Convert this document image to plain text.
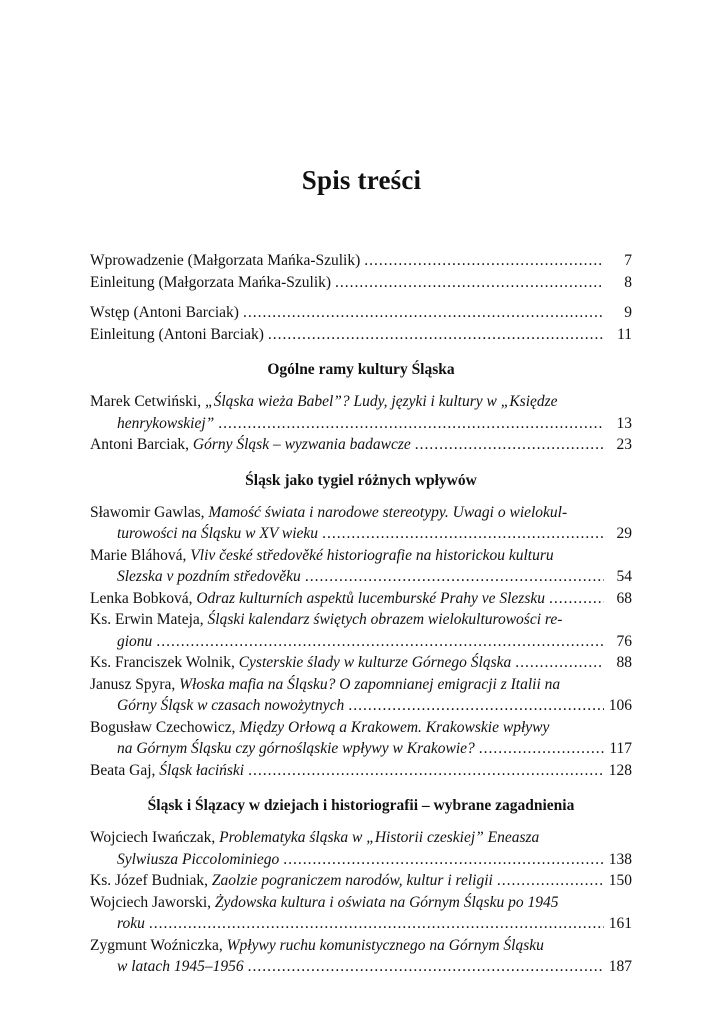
Spis treści
Wprowadzenie (Małgorzata Mańka-Szulik) .....	7
Einleitung (Małgorzata Mańka-Szulik) .....	8
Wstęp (Antoni Barciak) .....	9
Einleitung (Antoni Barciak) .....	11
Ogólne ramy kultury Śląska
Marek Cetwiński, „Śląska wieża Babel”? Ludy, języki i kultury w „Księdze
henrykowskiej” .....	13
Antoni Barciak, Górny Śląsk – wyzwania badawcze .....	23
Śląsk jako tygiel różnych wpływów
Sławomir Gawlas, Mamość świata i narodowe stereotypy. Uwagi o wielokul-
turowości na Śląsku w XV wieku .....	29
Marie Bláhová, Vliv české středověké historiografie na historickou kulturu
Slezska v pozdním středověku .....	54
Lenka Bobková, Odraz kulturních aspektů lucemburské Prahy ve Slezsku .....	68
Ks. Erwin Mateja, Śląski kalendarz świętych obrazem wielokulturowości re-
gionu .....	76
Ks. Franciszek Wolnik, Cysterskie ślady w kulturze Górnego Śląska .....	88
Janusz Spyra, Włoska mafia na Śląsku? O zapomnianej emigracji z Italii na
Górny Śląsk w czasach nowożytnych .....	106
Bogusław Czechowicz, Między Orłową a Krakowem. Krakowskie wpływy
na Górnym Śląsku czy górnośląskie wpływy w Krakowie? .....	117
Beata Gaj, Śląsk łaciński .....	128
Śląsk i Ślązacy w dziejach i historiografii – wybrane zagadnienia
Wojciech Iwańczak, Problematyka śląska w „Historii czeskiej” Eneasza
Sylwiusza Piccolominiego .....	138
Ks. Józef Budniak, Zaolzie pograniczem narodów, kultur i religii .....	150
Wojciech Jaworski, Żydowska kultura i oświata na Górnym Śląsku po 1945
roku .....	161
Zygmunt Woźniczka, Wpływy ruchu komunistycznego na Górnym Śląsku
w latach 1945–1956 .....	187
